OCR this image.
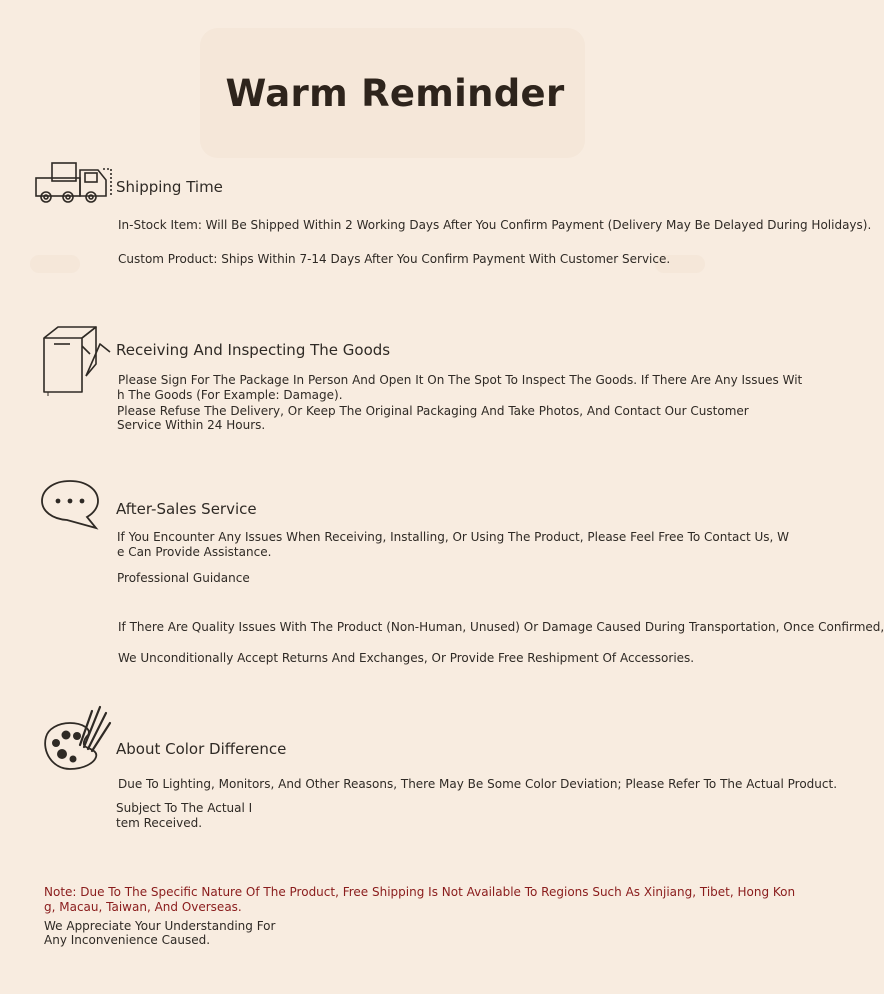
Warm Reminder
Shipping Time
In-Stock Item: Will Be Shipped Within 2 Working Days After You Confirm Payment (Delivery May Be Delayed During Holidays).
Custom Product: Ships Within 7-14 Days After You Confirm Payment With Customer Service.
Receiving And Inspecting The Goods
Please Sign For The Package In Person And Open It On The Spot To Inspect The Goods. If There Are Any Issues Wit
h The Goods (For Example: Damage).
Please Refuse The Delivery, Or Keep The Original Packaging And Take Photos, And Contact Our Customer
Service Within 24 Hours.
After-Sales Service
If You Encounter Any Issues When Receiving, Installing, Or Using The Product, Please Feel Free To Contact Us, W
e Can Provide Assistance.
Professional Guidance
If There Are Quality Issues With The Product (Non-Human, Unused) Or Damage Caused During Transportation, Once Confirmed,
We Unconditionally Accept Returns And Exchanges, Or Provide Free Reshipment Of Accessories.
About Color Difference
Due To Lighting, Monitors, And Other Reasons, There May Be Some Color Deviation; Please Refer To The Actual Product.
Subject To The Actual I
tem Received.
Note: Due To The Specific Nature Of The Product, Free Shipping Is Not Available To Regions Such As Xinjiang, Tibet, Hong Kon
g, Macau, Taiwan, And Overseas.
We Appreciate Your Understanding For
Any Inconvenience Caused.
